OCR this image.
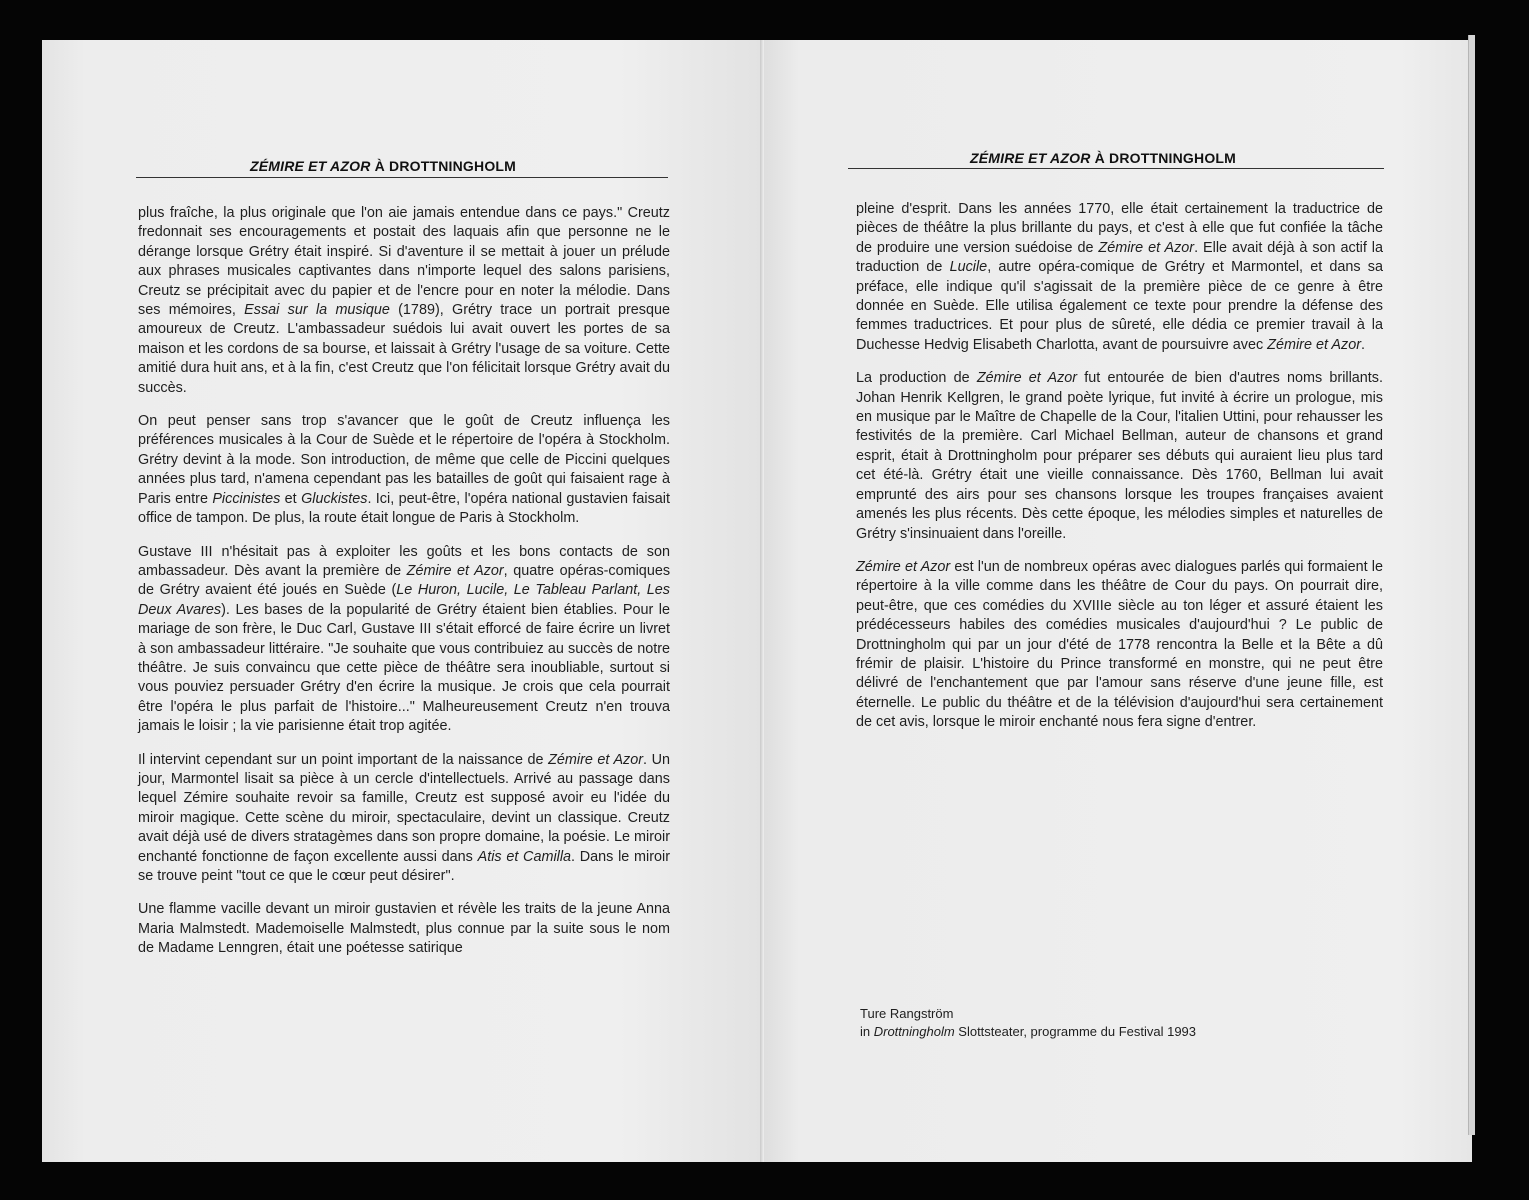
ZÉMIRE ET AZOR À DROTTNINGHOLM

plus fraîche, la plus originale que l'on aie jamais entendue dans ce pays." Creutz fredonnait ses encouragements et postait des laquais afin que personne ne le dérange lorsque Grétry était inspiré. Si d'aventure il se mettait à jouer un prélude aux phrases musicales captivantes dans n'importe lequel des salons parisiens, Creutz se précipitait avec du papier et de l'encre pour en noter la mélodie. Dans ses mémoires, Essai sur la musique (1789), Grétry trace un portrait presque amoureux de Creutz. L'ambassadeur suédois lui avait ouvert les portes de sa maison et les cordons de sa bourse, et laissait à Grétry l'usage de sa voiture. Cette amitié dura huit ans, et à la fin, c'est Creutz que l'on félicitait lorsque Grétry avait du succès.

On peut penser sans trop s'avancer que le goût de Creutz influença les préférences musicales à la Cour de Suède et le répertoire de l'opéra à Stockholm. Grétry devint à la mode. Son introduction, de même que celle de Piccini quelques années plus tard, n'amena cependant pas les batailles de goût qui faisaient rage à Paris entre Piccinistes et Gluckistes. Ici, peut-être, l'opéra national gustavien faisait office de tampon. De plus, la route était longue de Paris à Stockholm.

Gustave III n'hésitait pas à exploiter les goûts et les bons contacts de son ambassadeur. Dès avant la première de Zémire et Azor, quatre opéras-comiques de Grétry avaient été joués en Suède (Le Huron, Lucile, Le Tableau Parlant, Les Deux Avares). Les bases de la popularité de Grétry étaient bien établies. Pour le mariage de son frère, le Duc Carl, Gustave III s'était efforcé de faire écrire un livret à son ambassadeur littéraire. "Je souhaite que vous contribuiez au succès de notre théâtre. Je suis convaincu que cette pièce de théâtre sera inoubliable, surtout si vous pouviez persuader Grétry d'en écrire la musique. Je crois que cela pourrait être l'opéra le plus parfait de l'histoire..." Malheureusement Creutz n'en trouva jamais le loisir ; la vie parisienne était trop agitée.

Il intervint cependant sur un point important de la naissance de Zémire et Azor. Un jour, Marmontel lisait sa pièce à un cercle d'intellectuels. Arrivé au passage dans lequel Zémire souhaite revoir sa famille, Creutz est supposé avoir eu l'idée du miroir magique. Cette scène du miroir, spectaculaire, devint un classique. Creutz avait déjà usé de divers stratagèmes dans son propre domaine, la poésie. Le miroir enchanté fonctionne de façon excellente aussi dans Atis et Camilla. Dans le miroir se trouve peint "tout ce que le cœur peut désirer".

Une flamme vacille devant un miroir gustavien et révèle les traits de la jeune Anna Maria Malmstedt. Mademoiselle Malmstedt, plus connue par la suite sous le nom de Madame Lenngren, était une poétesse satirique

ZÉMIRE ET AZOR À DROTTNINGHOLM

pleine d'esprit. Dans les années 1770, elle était certainement la traductrice de pièces de théâtre la plus brillante du pays, et c'est à elle que fut confiée la tâche de produire une version suédoise de Zémire et Azor. Elle avait déjà à son actif la traduction de Lucile, autre opéra-comique de Grétry et Marmontel, et dans sa préface, elle indique qu'il s'agissait de la première pièce de ce genre à être donnée en Suède. Elle utilisa également ce texte pour prendre la défense des femmes traductrices. Et pour plus de sûreté, elle dédia ce premier travail à la Duchesse Hedvig Elisabeth Charlotta, avant de poursuivre avec Zémire et Azor.

La production de Zémire et Azor fut entourée de bien d'autres noms brillants. Johan Henrik Kellgren, le grand poète lyrique, fut invité à écrire un prologue, mis en musique par le Maître de Chapelle de la Cour, l'italien Uttini, pour rehausser les festivités de la première. Carl Michael Bellman, auteur de chansons et grand esprit, était à Drottningholm pour préparer ses débuts qui auraient lieu plus tard cet été-là. Grétry était une vieille connaissance. Dès 1760, Bellman lui avait emprunté des airs pour ses chansons lorsque les troupes françaises avaient amenés les plus récents. Dès cette époque, les mélodies simples et naturelles de Grétry s'insinuaient dans l'oreille.

Zémire et Azor est l'un de nombreux opéras avec dialogues parlés qui formaient le répertoire à la ville comme dans les théâtre de Cour du pays. On pourrait dire, peut-être, que ces comédies du XVIIIe siècle au ton léger et assuré étaient les prédécesseurs habiles des comédies musicales d'aujourd'hui ? Le public de Drottningholm qui par un jour d'été de 1778 rencontra la Belle et la Bête a dû frémir de plaisir. L'histoire du Prince transformé en monstre, qui ne peut être délivré de l'enchantement que par l'amour sans réserve d'une jeune fille, est éternelle. Le public du théâtre et de la télévision d'aujourd'hui sera certainement de cet avis, lorsque le miroir enchanté nous fera signe d'entrer.

Ture Rangström
in Drottningholm Slottsteater, programme du Festival 1993
